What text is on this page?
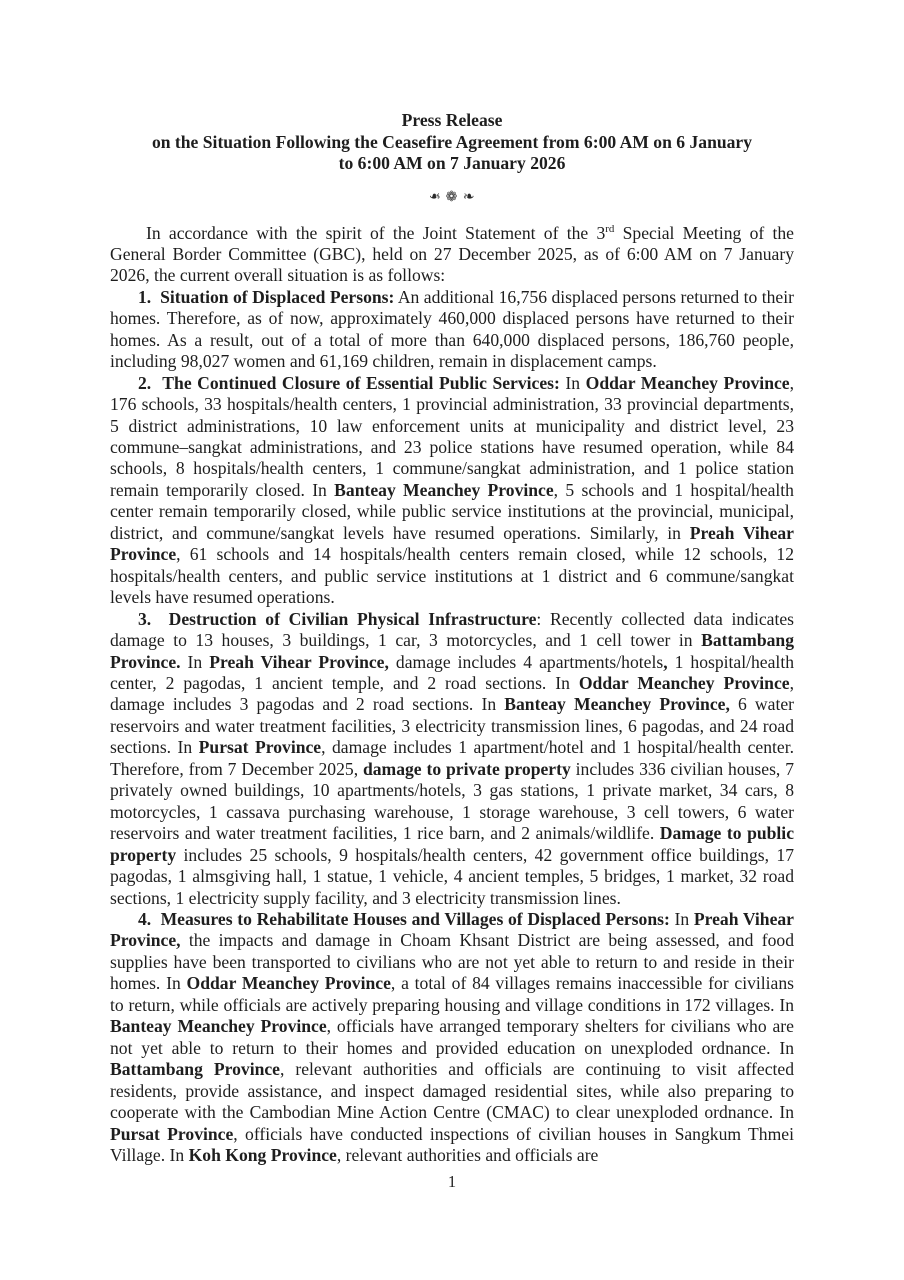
Press Release
on the Situation Following the Ceasefire Agreement from 6:00 AM on 6 January
to 6:00 AM on 7 January 2026
❧ ❁ ❧

In accordance with the spirit of the Joint Statement of the 3rd Special Meeting of the General Border Committee (GBC), held on 27 December 2025, as of 6:00 AM on 7 January 2026, the current overall situation is as follows:

1.  Situation of Displaced Persons: An additional 16,756 displaced persons returned to their homes. Therefore, as of now, approximately 460,000 displaced persons have returned to their homes. As a result, out of a total of more than 640,000 displaced persons, 186,760 people, including 98,027 women and 61,169 children, remain in displacement camps.

2.  The Continued Closure of Essential Public Services: In Oddar Meanchey Province, 176 schools, 33 hospitals/health centers, 1 provincial administration, 33 provincial departments, 5 district administrations, 10 law enforcement units at municipality and district level, 23 commune–sangkat administrations, and 23 police stations have resumed operation, while 84 schools, 8 hospitals/health centers, 1 commune/sangkat administration, and 1 police station remain temporarily closed. In Banteay Meanchey Province, 5 schools and 1 hospital/health center remain temporarily closed, while public service institutions at the provincial, municipal, district, and commune/sangkat levels have resumed operations. Similarly, in Preah Vihear Province, 61 schools and 14 hospitals/health centers remain closed, while 12 schools, 12 hospitals/health centers, and public service institutions at 1 district and 6 commune/sangkat levels have resumed operations.

3.  Destruction of Civilian Physical Infrastructure: Recently collected data indicates damage to 13 houses, 3 buildings, 1 car, 3 motorcycles, and 1 cell tower in Battambang Province. In Preah Vihear Province, damage includes 4 apartments/hotels, 1 hospital/health center, 2 pagodas, 1 ancient temple, and 2 road sections. In Oddar Meanchey Province, damage includes 3 pagodas and 2 road sections. In Banteay Meanchey Province, 6 water reservoirs and water treatment facilities, 3 electricity transmission lines, 6 pagodas, and 24 road sections. In Pursat Province, damage includes 1 apartment/hotel and 1 hospital/health center. Therefore, from 7 December 2025, damage to private property includes 336 civilian houses, 7 privately owned buildings, 10 apartments/hotels, 3 gas stations, 1 private market, 34 cars, 8 motorcycles, 1 cassava purchasing warehouse, 1 storage warehouse, 3 cell towers, 6 water reservoirs and water treatment facilities, 1 rice barn, and 2 animals/wildlife. Damage to public property includes 25 schools, 9 hospitals/health centers, 42 government office buildings, 17 pagodas, 1 almsgiving hall, 1 statue, 1 vehicle, 4 ancient temples, 5 bridges, 1 market, 32 road sections, 1 electricity supply facility, and 3 electricity transmission lines.

4.  Measures to Rehabilitate Houses and Villages of Displaced Persons: In Preah Vihear Province, the impacts and damage in Choam Khsant District are being assessed, and food supplies have been transported to civilians who are not yet able to return to and reside in their homes. In Oddar Meanchey Province, a total of 84 villages remains inaccessible for civilians to return, while officials are actively preparing housing and village conditions in 172 villages. In Banteay Meanchey Province, officials have arranged temporary shelters for civilians who are not yet able to return to their homes and provided education on unexploded ordnance. In Battambang Province, relevant authorities and officials are continuing to visit affected residents, provide assistance, and inspect damaged residential sites, while also preparing to cooperate with the Cambodian Mine Action Centre (CMAC) to clear unexploded ordnance. In Pursat Province, officials have conducted inspections of civilian houses in Sangkum Thmei Village. In Koh Kong Province, relevant authorities and officials are

1
